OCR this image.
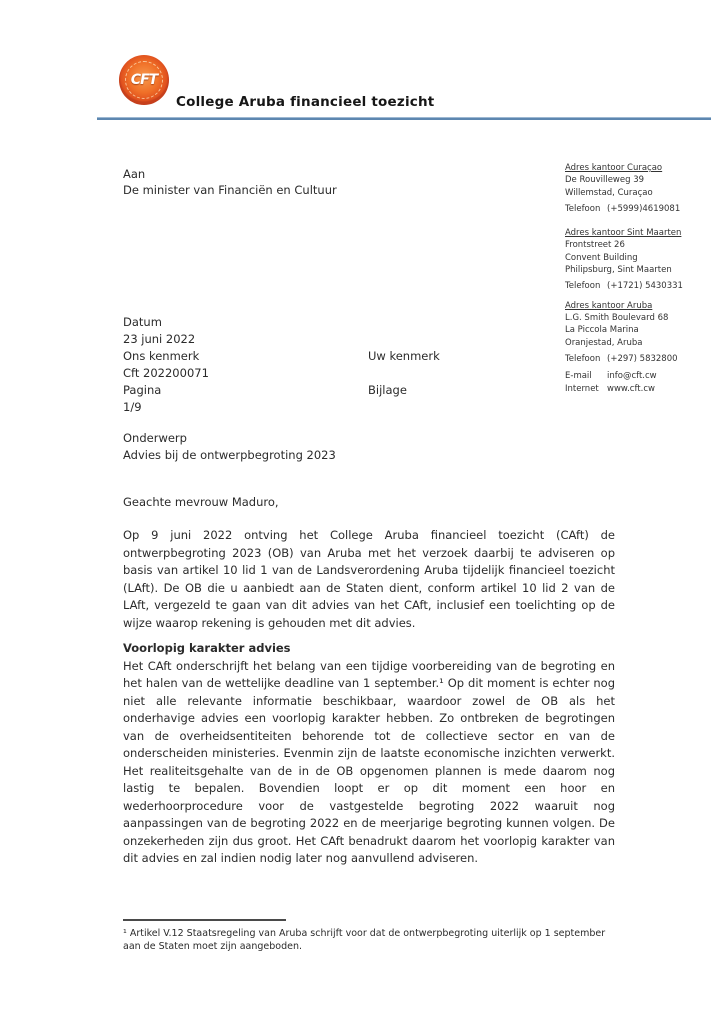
CFT
College Aruba financieel toezicht
Aan
De minister van Financiën en Cultuur
Datum
23 juni 2022
Ons kenmerk	Uw kenmerk
Cft 202200071
Pagina	Bijlage
1/9
Onderwerp
Advies bij de ontwerpbegroting 2023
Geachte mevrouw Maduro,
Op 9 juni 2022 ontving het College Aruba financieel toezicht (CAft) de ontwerpbegroting 2023 (OB) van Aruba met het verzoek daarbij te adviseren op basis van artikel 10 lid 1 van de Landsverordening Aruba tijdelijk financieel toezicht (LAft). De OB die u aanbiedt aan de Staten dient, conform artikel 10 lid 2 van de LAft, vergezeld te gaan van dit advies van het CAft, inclusief een toelichting op de wijze waarop rekening is gehouden met dit advies.
Voorlopig karakter advies
Het CAft onderschrijft het belang van een tijdige voorbereiding van de begroting en het halen van de wettelijke deadline van 1 september.¹ Op dit moment is echter nog niet alle relevante informatie beschikbaar, waardoor zowel de OB als het onderhavige advies een voorlopig karakter hebben. Zo ontbreken de begrotingen van de overheidsentiteiten behorende tot de collectieve sector en van de onderscheiden ministeries. Evenmin zijn de laatste economische inzichten verwerkt. Het realiteitsgehalte van de in de OB opgenomen plannen is mede daarom nog lastig te bepalen. Bovendien loopt er op dit moment een hoor en wederhoorprocedure voor de vastgestelde begroting 2022 waaruit nog aanpassingen van de begroting 2022 en de meerjarige begroting kunnen volgen. De onzekerheden zijn dus groot. Het CAft benadrukt daarom het voorlopig karakter van dit advies en zal indien nodig later nog aanvullend adviseren.
Adres kantoor Curaçao
De Rouvilleweg 39
Willemstad, Curaçao
Telefoon (+5999)4619081
Adres kantoor Sint Maarten
Frontstreet 26
Convent Building
Philipsburg, Sint Maarten
Telefoon (+1721) 5430331
Adres kantoor Aruba
L.G. Smith Boulevard 68
La Piccola Marina
Oranjestad, Aruba
Telefoon (+297) 5832800
E-mail	info@cft.cw
Internet www.cft.cw
¹ Artikel V.12 Staatsregeling van Aruba schrijft voor dat de ontwerpbegroting uiterlijk op 1 september aan de Staten moet zijn aangeboden.
